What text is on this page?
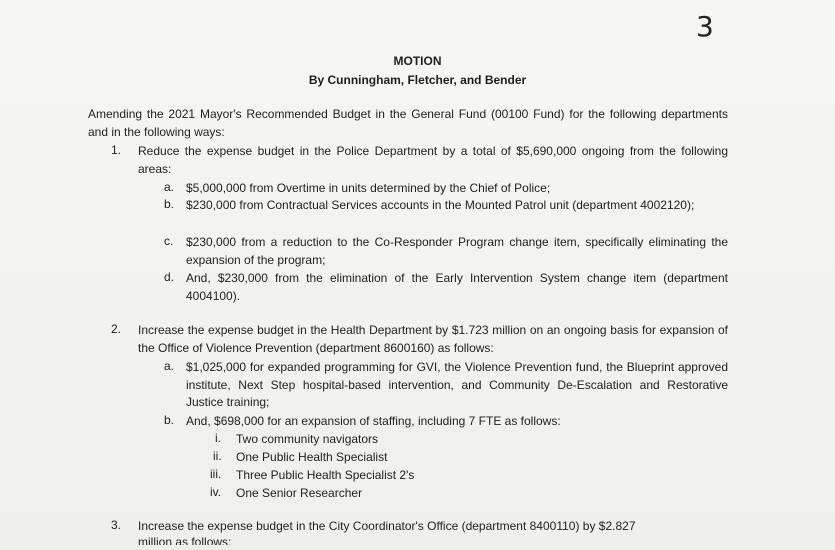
3
MOTION
By Cunningham, Fletcher, and Bender
Amending the 2021 Mayor's Recommended Budget in the General Fund (00100 Fund) for the following departments and in the following ways:
1. Reduce the expense budget in the Police Department by a total of $5,690,000 ongoing from the following areas:
a. $5,000,000 from Overtime in units determined by the Chief of Police;
b. $230,000 from Contractual Services accounts in the Mounted Patrol unit (department 4002120);
c. $230,000 from a reduction to the Co-Responder Program change item, specifically eliminating the expansion of the program;
d. And, $230,000 from the elimination of the Early Intervention System change item (department 4004100).
2. Increase the expense budget in the Health Department by $1.723 million on an ongoing basis for expansion of the Office of Violence Prevention (department 8600160) as follows:
a. $1,025,000 for expanded programming for GVI, the Violence Prevention fund, the Blueprint approved institute, Next Step hospital-based intervention, and Community De-Escalation and Restorative Justice training;
b. And, $698,000 for an expansion of staffing, including 7 FTE as follows:
i. Two community navigators
ii. One Public Health Specialist
iii. Three Public Health Specialist 2's
iv. One Senior Researcher
3. Increase the expense budget in the City Coordinator's Office (department 8400110) by $2.827
million as follows:
